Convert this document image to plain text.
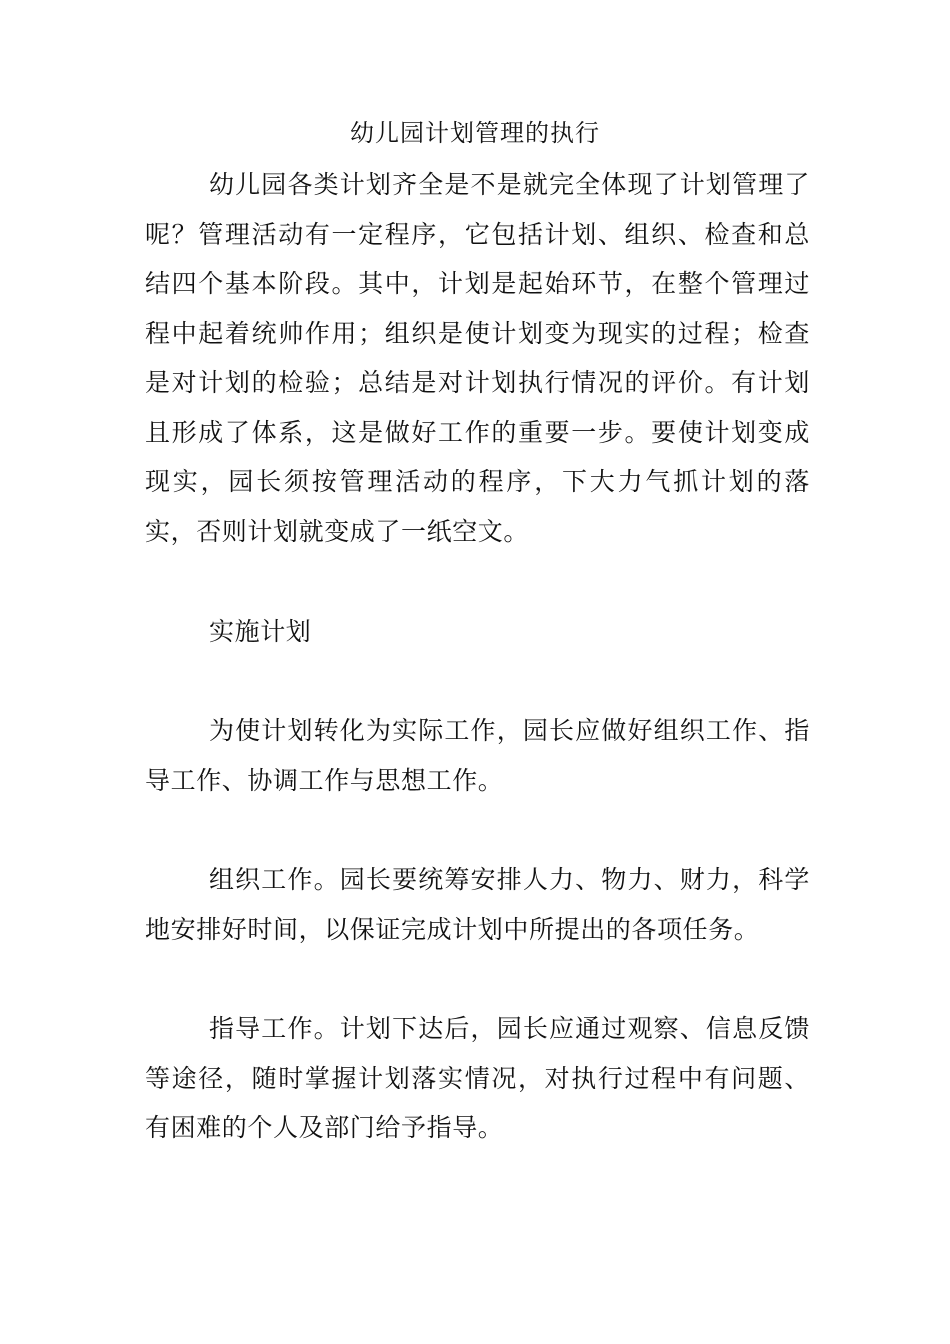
幼儿园计划管理的执行

幼儿园各类计划齐全是不是就完全体现了计划管理了呢？管理活动有一定程序，它包括计划、组织、检查和总结四个基本阶段。其中，计划是起始环节，在整个管理过程中起着统帅作用；组织是使计划变为现实的过程；检查是对计划的检验；总结是对计划执行情况的评价。有计划且形成了体系，这是做好工作的重要一步。要使计划变成现实，园长须按管理活动的程序，下大力气抓计划的落实，否则计划就变成了一纸空文。

实施计划

为使计划转化为实际工作，园长应做好组织工作、指导工作、协调工作与思想工作。

组织工作。园长要统筹安排人力、物力、财力，科学地安排好时间，以保证完成计划中所提出的各项任务。

指导工作。计划下达后，园长应通过观察、信息反馈等途径，随时掌握计划落实情况，对执行过程中有问题、有困难的个人及部门给予指导。
